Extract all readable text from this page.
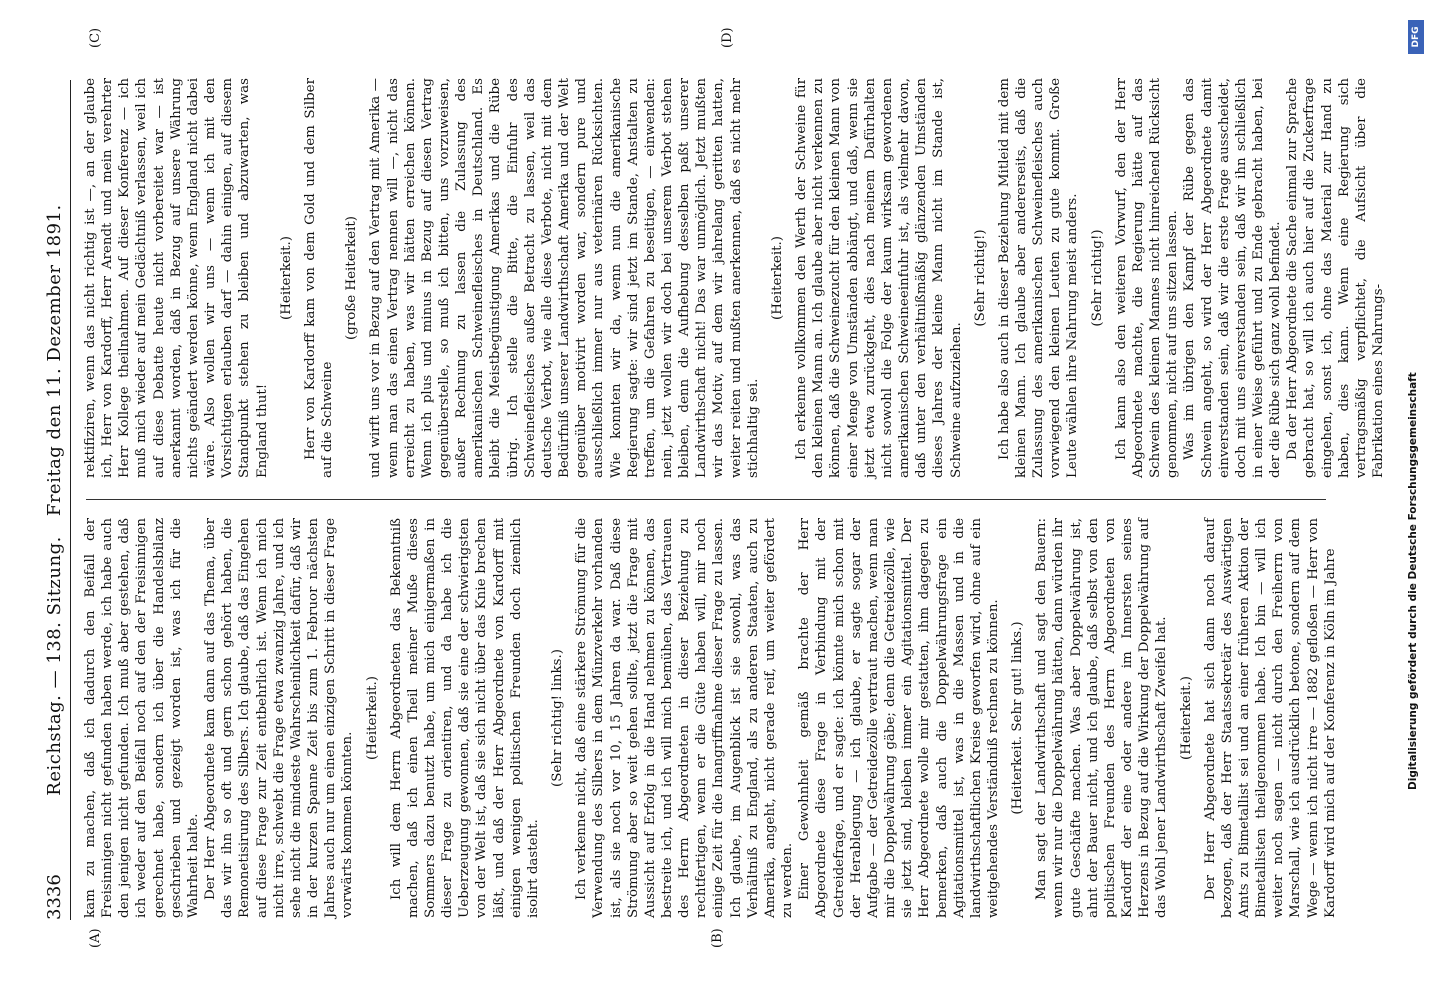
3336
Reichstag. — 138. Sitzung.Freitag den 11. Dezember 1891.
(A)	(B)
(C)	(D)

kam zu machen, daß ich dadurch den Beifall der Freisinnigen nicht gefunden haben werde, ich habe auch den jenigen nicht gefunden. Ich muß aber gestehen, daß ich weder auf den Beifall noch auf den der Freisinnigen gerechnet habe, sondern ich über die Handelsbilanz geschrieben und gezeigt worden ist, was ich für die Wahrheit halte. Der Herr Abgeordnete kam dann auf das Thema, über das wir ihn so oft und gern schon gehört haben, die Remonetisirung des Silbers. Ich glaube, daß das Eingehen auf diese Frage zur Zeit entbehrlich ist. Wenn ich mich nicht irre, schwebt die Frage etwa zwanzig Jahre, und ich sehe nicht die mindeste Wahrscheinlichkeit dafür, daß wir in der kurzen Spanne Zeit bis zum 1. Februor nächsten Jahres auch nur um einen einzigen Schritt in dieser Frage vorwärts kommen könnten.

(Heiterkeit.) Ich will dem Herrn Abgeordneten das Bekenntniß machen, daß ich einen Theil meiner Muße dieses Sommers dazu benutzt habe, um mich einigermaßen in dieser Frage zu orientiren, und da habe ich die Ueberzeugung gewonnen, daß sie eine der schwierigsten von der Welt ist, daß sie sich nicht über das Knie brechen läßt, und daß der Herr Abgeordnete von Kardorff mit einigen wenigen politischen Freunden doch ziemlich isolirt dasteht.

(Sehr richtig! links.) Ich verkenne nicht, daß eine stärkere Strömung für die Verwendung des Silbers in dem Münzverkehr vorhanden ist, als sie noch vor 10, 15 Jahren da war. Daß diese Strömung aber so weit gehen sollte, jetzt die Frage mit Aussicht auf Erfolg in die Hand nehmen zu können, das bestreite ich, und ich will mich bemühen, das Vertrauen des Herrn Abgeordneten in dieser Beziehung zu rechtfertigen, wenn er die Güte haben will, mir noch einige Zeit für die Inangriffnahme dieser Frage zu lassen. Ich glaube, im Augenblick ist sie sowohl, was das Verhältniß zu England, als zu anderen Staaten, auch zu Amerika, angeht, nicht gerade reif, um weiter gefördert zu werden. Einer Gewohnheit gemäß brachte der Herr Abgeordnete diese Frage in Verbindung mit der Getreidefrage, und er sagte: ich könnte mich schon mit der Herablegung — ich glaube, er sagte sogar der Aufgabe — der Getreidezölle vertraut machen, wenn man mir die Doppelwährung gäbe; denn die Getreidezölle, wie sie jetzt sind, bleiben immer ein Agitationsmittel. Der Herr Abgeordnete wolle mir gestatten, ihm dagegen zu bemerken, daß auch die Doppelwährungsfrage ein Agitationsmittel ist, was in die Massen und in die landwirthschaftlichen Kreise geworfen wird, ohne auf ein weitgehendes Verständniß rechnen zu können. (Heiterkeit. Sehr gut! links.) Man sagt der Landwirthschaft und sagt den Bauern: wenn wir nur die Doppelwährung hätten, dann würden ihr gute Geschäfte machen. Was aber Doppelwährung ist, ahnt der Bauer nicht, und ich glaube, daß selbst von den politischen Freunden des Herrn Abgeordneten von Kardorff der eine oder andere im Innersten seines Herzens in Bezug auf die Wirkung der Doppelwährung auf das Wohl jener Landwirthschaft Zweifel hat. (Heiterkeit.) Der Herr Abgeordnete hat sich dann noch darauf bezogen, daß der Herr Staatssekretär des Auswärtigen Amts zu Bimetallist sei und an einer früheren Aktion der Bimetallisten theilgenommen habe. Ich bin — will ich weiter noch sagen — nicht durch den Freiherrn von Marschall, wie ich ausdrücklich betone, sondern auf dem Wege — wenn ich nicht irre — 1882 gefloßen — Herr von Kardorff wird mich auf der Konferenz in Köln im Jahre

rektifiziren, wenn das nicht richtig ist —, an der glaube ich, Herr von Kardorff, Herr Arendt und mein verehrter Herr Kollege theilnahmen. Auf dieser Konferenz — ich muß mich wieder auf mein Gedächtniß verlassen, weil ich auf diese Debatte heute nicht vorbereitet war — ist anerkannt worden, daß in Bezug auf unsere Währung nichts geändert werden könne, wenn England nicht dabei wäre. Also wollen wir uns — wenn ich mit den Vorsichtigen erlauben darf — dahin einigen, auf diesem Standpunkt stehen zu bleiben und abzuwarten, was England thut!

(Heiterkeit.) Herr von Kardorff kam von dem Gold und dem Silber auf die Schweine

(große Heiterkeit) und wirft uns vor in Bezug auf den Vertrag mit Amerika — wenn man das einen Vertrag nennen will —, nicht das erreicht zu haben, was wir hätten erreichen können. Wenn ich plus und minus in Bezug auf diesen Vertrag gegenüberstelle, so muß ich bitten, uns vorzuweisen, außer Rechnung zu lassen die Zulassung des amerikanischen Schweinefleisches in Deutschland. Es bleibt die Meistbegünstigung Amerikas und die Rübe übrig. Ich stelle die Bitte, die Einfuhr des Schweinefleisches außer Betracht zu lassen, weil das deutsche Verbot, wie alle diese Verbote, nicht mit dem Bedürfniß unserer Landwirthschaft Amerika und der Welt gegenüber motivirt worden war, sondern pure und ausschließlich immer nur aus veterinären Rücksichten. Wie konnten wir da, wenn nun die amerikanische Regierung sagte: wir sind jetzt im Stande, Anstalten zu treffen, um die Gefahren zu beseitigen, — einwenden: nein, jetzt wollen wir doch bei unserem Verbot stehen bleiben, denn die Aufhebung desselben paßt unserer Landwirthschaft nicht! Das war unmöglich. Jetzt mußten wir das Motiv, auf dem wir jahrelang geritten hatten, weiter reiten und mußten anerkennen, daß es nicht mehr stichhaltig sei.

(Heiterkeit.) Ich erkenne vollkommen den Werth der Schweine für den kleinen Mann an. Ich glaube aber nicht verkennen zu können, daß die Schweinezucht für den kleinen Mann von einer Menge von Umständen abhängt, und daß, wenn sie jetzt etwa zurückgeht, dies nach meinem Dafürhalten nicht sowohl die Folge der kaum wirksam gewordenen amerikanischen Schweineeinfuhr ist, als vielmehr davon, daß unter den verhältnißmäßig glänzenden Umständen dieses Jahres der kleine Mann nicht im Stande ist, Schweine aufzuziehen.

(Sehr richtig!) Ich habe also auch in dieser Beziehung Mitleid mit dem kleinen Mann. Ich glaube aber andererseits, daß die Zulassung des amerikanischen Schweinefleisches auch vorwiegend den kleinen Leuten zu gute kommt. Große Leute wählen ihre Nahrung meist anders. (Sehr richtig!) Ich kann also den weiteren Vorwurf, den der Herr Abgeordnete machte, die Regierung hätte auf das Schwein des kleinen Mannes nicht hinreichend Rücksicht genommen, nicht auf uns sitzen lassen. Was im übrigen den Kampf der Rübe gegen das Schwein angeht, so wird der Herr Abgeordnete damit einverstanden sein, daß wir die erste Frage ausscheidet, doch mit uns einverstanden sein, daß wir ihn schließlich in einer Weise geführt und zu Ende gebracht haben, bei der die Rübe sich ganz wohl befindet. Da der Herr Abgeordnete die Sache einmal zur Sprache gebracht hat, so will ich auch hier auf die Zuckerfrage eingehen, sonst ich, ohne das Material zur Hand zu haben, dies kann. Wenn eine Regierung sich vertragsmäßig verpflichtet, die Aufsicht über die Fabrikation eines Nahrungs- Digitalisierung gefördert durch die Deutsche Forschungsgemeinschaft
DFG
